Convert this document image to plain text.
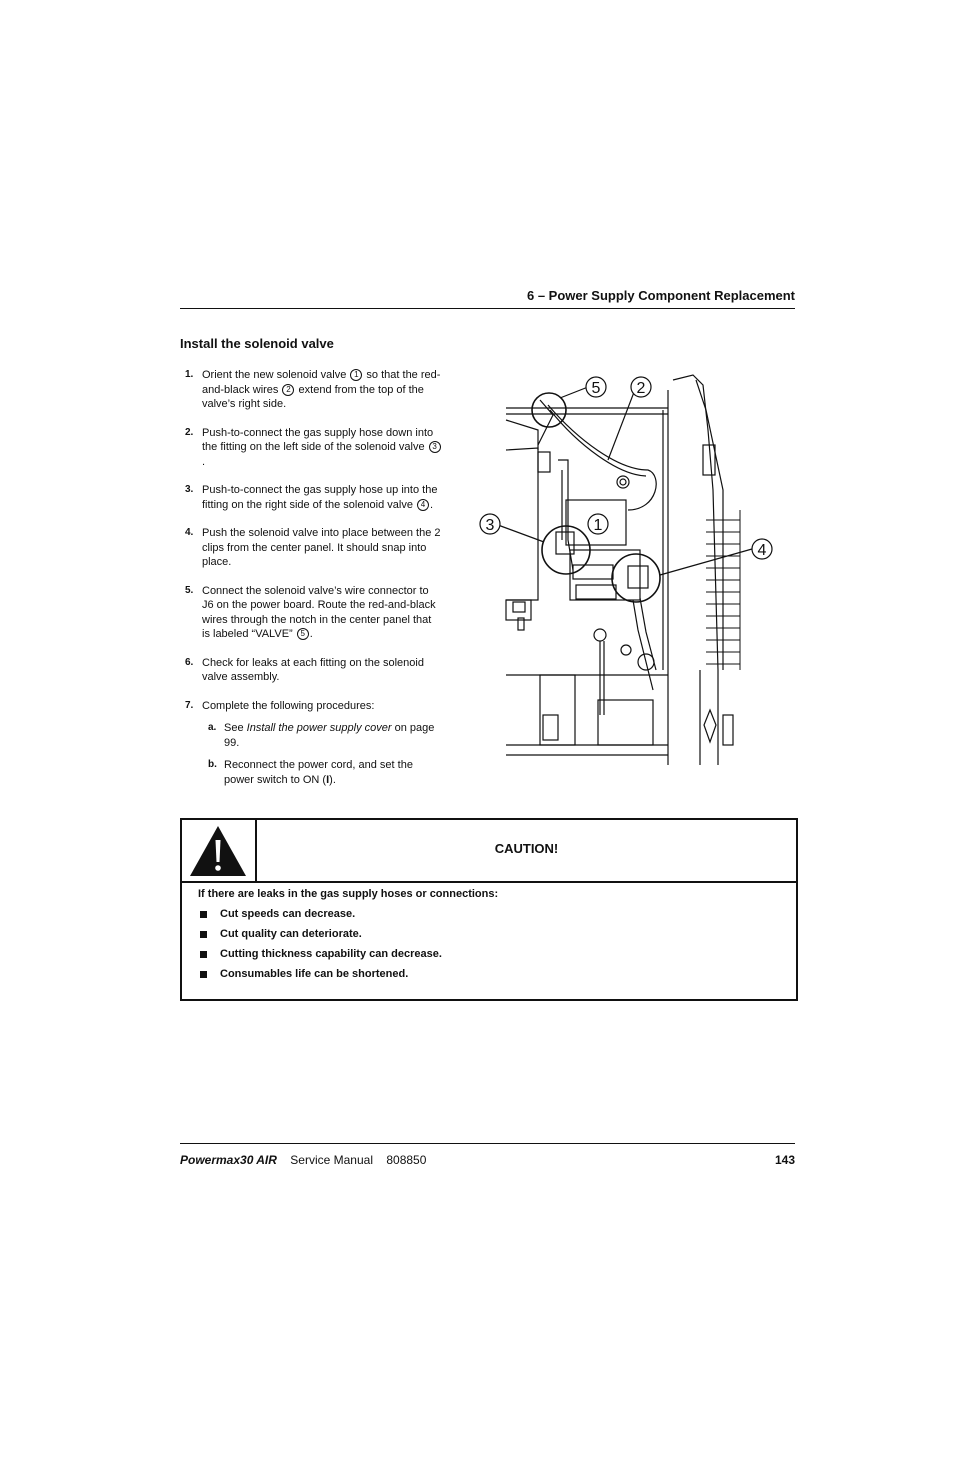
6 – Power Supply Component Replacement
Install the solenoid valve
1. Orient the new solenoid valve 1 so that the red-and-black wires 2 extend from the top of the valve’s right side.
2. Push-to-connect the gas supply hose down into the fitting on the left side of the solenoid valve 3.
3. Push-to-connect the gas supply hose up into the fitting on the right side of the solenoid valve 4 .
4. Push the solenoid valve into place between the 2 clips from the center panel. It should snap into place.
5. Connect the solenoid valve’s wire connector to J6 on the power board. Route the red-and-black wires through the notch in the center panel that is labeled “VALVE” 5 .
6. Check for leaks at each fitting on the solenoid valve assembly.
7. Complete the following procedures:
a. See Install the power supply cover on page 99.
b. Reconnect the power cord, and set the power switch to ON (I).
5 2
3	1
4
CAUTION!
If there are leaks in the gas supply hoses or connections:
Cut speeds can decrease.
Cut quality can deteriorate.
Cutting thickness capability can decrease.
Consumables life can be shortened.
Powermax30 AIR Service Manual 808850	143
